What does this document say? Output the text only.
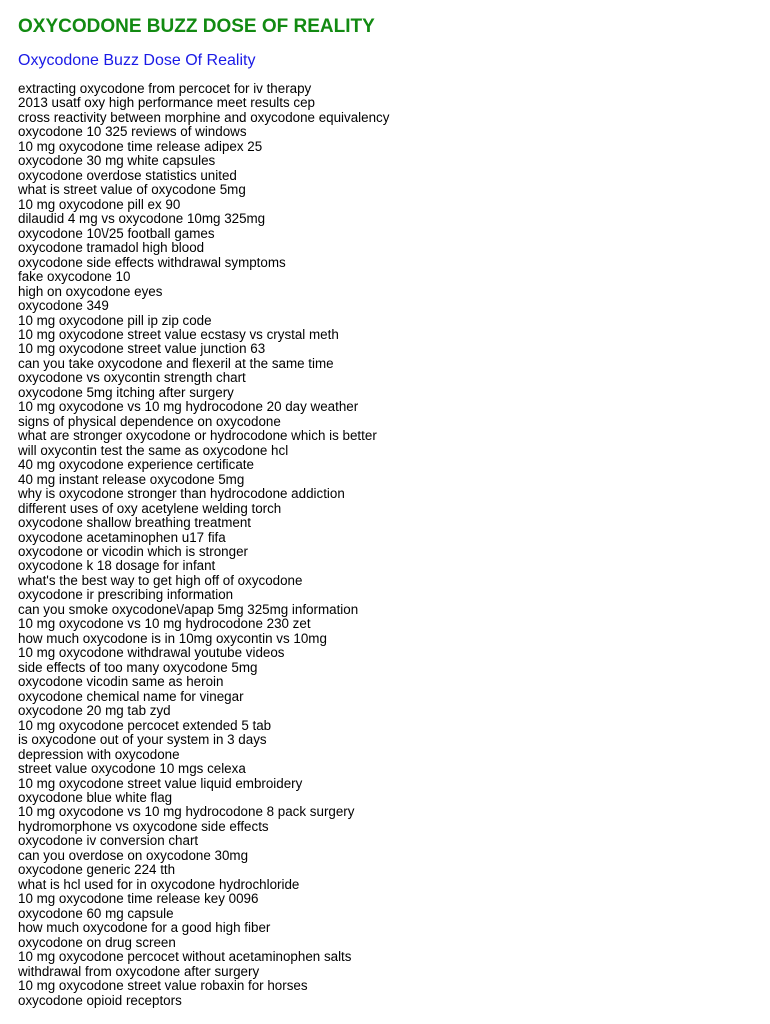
OXYCODONE BUZZ DOSE OF REALITY
Oxycodone Buzz Dose Of Reality
extracting oxycodone from percocet for iv therapy
2013 usatf oxy high performance meet results cep
cross reactivity between morphine and oxycodone equivalency
oxycodone 10 325 reviews of windows
10 mg oxycodone time release adipex 25
oxycodone 30 mg white capsules
oxycodone overdose statistics united
what is street value of oxycodone 5mg
10 mg oxycodone pill ex 90
dilaudid 4 mg vs oxycodone 10mg 325mg
oxycodone 10\/25 football games
oxycodone tramadol high blood
oxycodone side effects withdrawal symptoms
fake oxycodone 10
high on oxycodone eyes
oxycodone 349
10 mg oxycodone pill ip zip code
10 mg oxycodone street value ecstasy vs crystal meth
10 mg oxycodone street value junction 63
can you take oxycodone and flexeril at the same time
oxycodone vs oxycontin strength chart
oxycodone 5mg itching after surgery
10 mg oxycodone vs 10 mg hydrocodone 20 day weather
signs of physical dependence on oxycodone
what are stronger oxycodone or hydrocodone which is better
will oxycontin test the same as oxycodone hcl
40 mg oxycodone experience certificate
40 mg instant release oxycodone 5mg
why is oxycodone stronger than hydrocodone addiction
different uses of oxy acetylene welding torch
oxycodone shallow breathing treatment
oxycodone acetaminophen u17 fifa
oxycodone or vicodin which is stronger
oxycodone k 18 dosage for infant
what's the best way to get high off of oxycodone
oxycodone ir prescribing information
can you smoke oxycodone\/apap 5mg 325mg information
10 mg oxycodone vs 10 mg hydrocodone 230 zet
how much oxycodone is in 10mg oxycontin vs 10mg
10 mg oxycodone withdrawal youtube videos
side effects of too many oxycodone 5mg
oxycodone vicodin same as heroin
oxycodone chemical name for vinegar
oxycodone 20 mg tab zyd
10 mg oxycodone percocet extended 5 tab
is oxycodone out of your system in 3 days
depression with oxycodone
street value oxycodone 10 mgs celexa
10 mg oxycodone street value liquid embroidery
oxycodone blue white flag
10 mg oxycodone vs 10 mg hydrocodone 8 pack surgery
hydromorphone vs oxycodone side effects
oxycodone iv conversion chart
can you overdose on oxycodone 30mg
oxycodone generic 224 tth
what is hcl used for in oxycodone hydrochloride
10 mg oxycodone time release key 0096
oxycodone 60 mg capsule
how much oxycodone for a good high fiber
oxycodone on drug screen
10 mg oxycodone percocet without acetaminophen salts
withdrawal from oxycodone after surgery
10 mg oxycodone street value robaxin for horses
oxycodone opioid receptors
